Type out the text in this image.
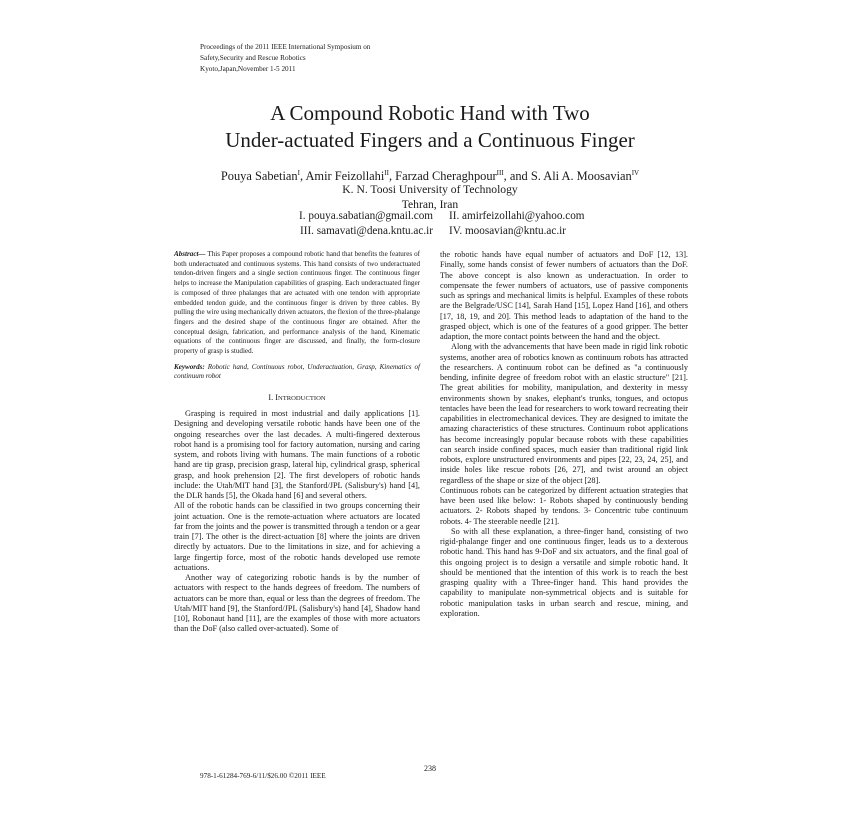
Proceedings of the 2011 IEEE International Symposium on
Safety,Security and Rescue Robotics
Kyoto,Japan,November 1-5 2011
A Compound Robotic Hand with Two
Under-actuated Fingers and a Continuous Finger
Pouya Sabetian$^I$, Amir Feizollahi$^{II}$, Farzad Cheraghpour$^{III}$, and S. Ali A. Moosavian$^{IV}$
K. N. Toosi University of Technology
Tehran, Iran
I. pouya.sabatian@gmail.com	II. amirfeizollahi@yahoo.com
III. samavati@dena.kntu.ac.ir	IV. moosavian@kntu.ac.ir

Abstract— This Paper proposes a compound robotic hand that benefits the features of both underactuated and continuous systems. This hand consists of two underactuated tendon-driven fingers and a single section continuous finger. The continuous finger helps to increase the Manipulation capabilities of grasping. Each underactuated finger is composed of three phalanges that are actuated with one tendon with appropriate embedded tendon guide, and the continuous finger is driven by three cables. By pulling the wire using mechanically driven actuators, the flexion of the three-phalange fingers and the desired shape of the continuous finger are obtained. After the conceptual design, fabrication, and performance analysis of the hand, Kinematic equations of the continuous finger are discussed, and finally, the form-closure property of grasp is studied.

Keywords: Robotic hand, Continuous robot, Underactuation, Grasp, Kinematics of continuum robot

I. INTRODUCTION

Grasping is required in most industrial and daily applications [1]. Designing and developing versatile robotic hands have been one of the ongoing researches over the last decades. A multi-fingered dexterous robot hand is a promising tool for factory automation, nursing and caring system, and robots living with humans. The main functions of a robotic hand are tip grasp, precision grasp, lateral hip, cylindrical grasp, spherical grasp, and hook prehension [2]. The first developers of robotic hands include: the Utah/MIT hand [3], the Stanford/JPL (Salisbury's) hand [4], the DLR hands [5], the Okada hand [6] and several others.

All of the robotic hands can be classified in two groups concerning their joint actuation. One is the remote-actuation where actuators are located far from the joints and the power is transmitted through a tendon or a gear train [7]. The other is the direct-actuation [8] where the joints are driven directly by actuators. Due to the limitations in size, and for achieving a large fingertip force, most of the robotic hands developed use remote actuations.

Another way of categorizing robotic hands is by the number of actuators with respect to the hands degrees of freedom. The numbers of actuators can be more than, equal or less than the degrees of freedom. The Utah/MIT hand [9], the Stanford/JPL (Salisbury's) hand [4], Shadow hand [10], Robonaut hand [11], are the examples of those with more actuators than the DoF (also called over-actuated). Some of

the robotic hands have equal number of actuators and DoF [12, 13]. Finally, some hands consist of fewer numbers of actuators than the DoF. The above concept is also known as underactuation. In order to compensate the fewer numbers of actuators, use of passive components such as springs and mechanical limits is helpful. Examples of these robots are the Belgrade/USC [14], Sarah Hand [15], Lopez Hand [16], and others [17, 18, 19, and 20]. This method leads to adaptation of the hand to the grasped object, which is one of the features of a good gripper. The better adaption, the more contact points between the hand and the object.

Along with the advancements that have been made in rigid link robotic systems, another area of robotics known as continuum robots has attracted the researchers. A continuum robot can be defined as "a continuously bending, infinite degree of freedom robot with an elastic structure" [21]. The great abilities for mobility, manipulation, and dexterity in messy environments shown by snakes, elephant's trunks, tongues, and octopus tentacles have been the lead for researchers to work toward recreating their capabilities in electromechanical devices. They are designed to imitate the amazing characteristics of these structures. Continuum robot applications has become increasingly popular because robots with these capabilities can search inside confined spaces, much easier than traditional rigid link robots, explore unstructured environments and pipes [22, 23, 24, 25], and inside holes like rescue robots [26, 27], and twist around an object regardless of the shape or size of the object [28].

Continuous robots can be categorized by different actuation strategies that have been used like below: 1- Robots shaped by continuously bending actuators. 2- Robots shaped by tendons. 3- Concentric tube continuum robots. 4- The steerable needle [21].

So with all these explanation, a three-finger hand, consisting of two rigid-phalange finger and one continuous finger, leads us to a dexterous robotic hand. This hand has 9-DoF and six actuators, and the final goal of this ongoing project is to design a versatile and simple robotic hand. It should be mentioned that the intention of this work is to reach the best grasping quality with a Three-finger hand. This hand provides the capability to manipulate non-symmetrical objects and is suitable for robotic manipulation tasks in urban search and rescue, mining, and exploration.

238
978-1-61284-769-6/11/$26.00 ©2011 IEEE
